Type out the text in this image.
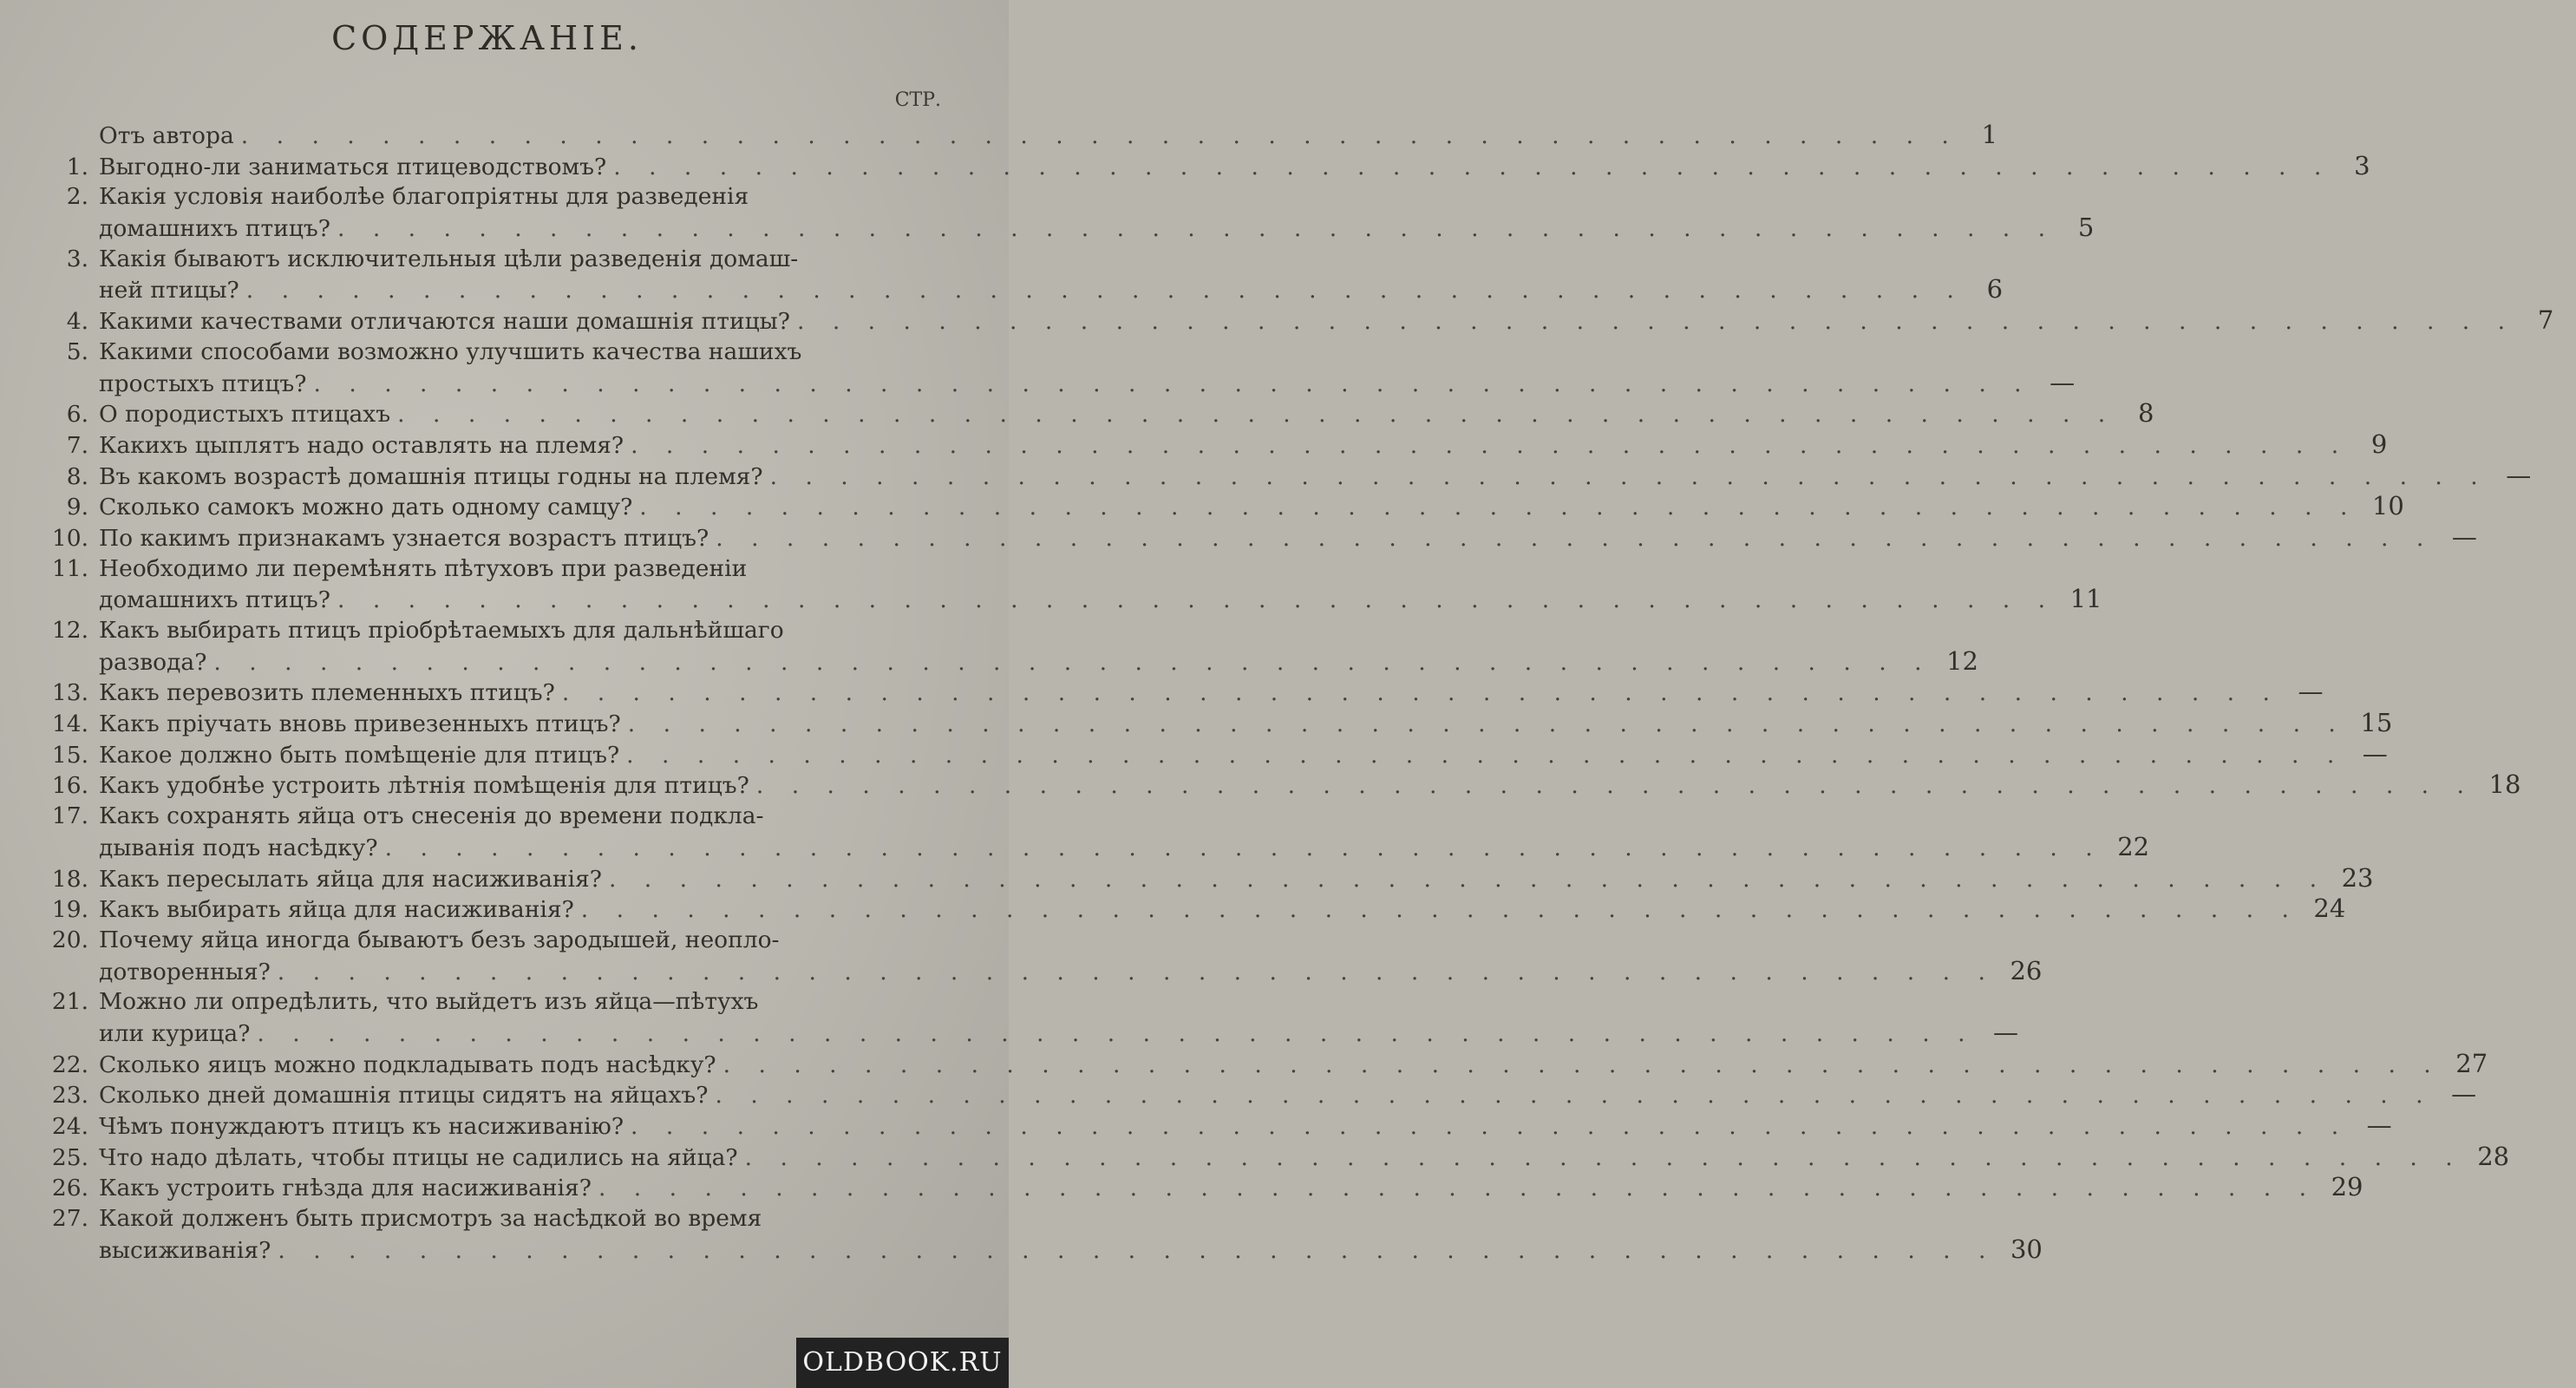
СОДЕРЖАНІЕ.
СТР.
Отъ автора . . . . . . . . . . . . . . . . . . . . . . . . . . . . . . . . . . . . . . . . . . . . . . . . . 1
1. Выгодно-ли заниматься птицеводствомъ? . . . . . . . . . . . . . . . . . . . . . . . . . . . . . . . . . . . . . . . . . . . . . . . . . 3
2. Какія условія наиболѣе благопріятны для разведенія
домашнихъ птицъ? . . . . . . . . . . . . . . . . . . . . . . . . . . . . . . . . . . . . . . . . . . . . . . . . . 5
3. Какія бываютъ исключительныя цѣли разведенія домаш-
ней птицы? . . . . . . . . . . . . . . . . . . . . . . . . . . . . . . . . . . . . . . . . . . . . . . . . . 6
4. Какими качествами отличаются наши домашнія птицы? . . . . . . . . . . . . . . . . . . . . . . . . . . . . . . . . . . . . . . . . . . . . . . . . . 7
5. Какими способами возможно улучшить качества нашихъ
простыхъ птицъ? . . . . . . . . . . . . . . . . . . . . . . . . . . . . . . . . . . . . . . . . . . . . . . . . . —
6. О породистыхъ птицахъ . . . . . . . . . . . . . . . . . . . . . . . . . . . . . . . . . . . . . . . . . . . . . . . . . 8
7. Какихъ цыплятъ надо оставлять на племя? . . . . . . . . . . . . . . . . . . . . . . . . . . . . . . . . . . . . . . . . . . . . . . . . . 9
8. Въ какомъ возрастѣ домашнія птицы годны на племя? . . . . . . . . . . . . . . . . . . . . . . . . . . . . . . . . . . . . . . . . . . . . . . . . . —
9. Сколько самокъ можно дать одному самцу? . . . . . . . . . . . . . . . . . . . . . . . . . . . . . . . . . . . . . . . . . . . . . . . . . 10
10. По какимъ признакамъ узнается возрастъ птицъ? . . . . . . . . . . . . . . . . . . . . . . . . . . . . . . . . . . . . . . . . . . . . . . . . . —
11. Необходимо ли перемѣнять пѣтуховъ при разведеніи
домашнихъ птицъ? . . . . . . . . . . . . . . . . . . . . . . . . . . . . . . . . . . . . . . . . . . . . . . . . . 11
12. Какъ выбирать птицъ пріобрѣтаемыхъ для дальнѣйшаго
развода? . . . . . . . . . . . . . . . . . . . . . . . . . . . . . . . . . . . . . . . . . . . . . . . . . 12
13. Какъ перевозить племенныхъ птицъ? . . . . . . . . . . . . . . . . . . . . . . . . . . . . . . . . . . . . . . . . . . . . . . . . . —
14. Какъ пріучать вновь привезенныхъ птицъ? . . . . . . . . . . . . . . . . . . . . . . . . . . . . . . . . . . . . . . . . . . . . . . . . . 15
15. Какое должно быть помѣщеніе для птицъ? . . . . . . . . . . . . . . . . . . . . . . . . . . . . . . . . . . . . . . . . . . . . . . . . . —
16. Какъ удобнѣе устроить лѣтнія помѣщенія для птицъ? . . . . . . . . . . . . . . . . . . . . . . . . . . . . . . . . . . . . . . . . . . . . . . . . . 18
17. Какъ сохранять яйца отъ снесенія до времени подкла-
дыванія подъ насѣдку? . . . . . . . . . . . . . . . . . . . . . . . . . . . . . . . . . . . . . . . . . . . . . . . . . 22
18. Какъ пересылать яйца для насиживанія? . . . . . . . . . . . . . . . . . . . . . . . . . . . . . . . . . . . . . . . . . . . . . . . . . 23
19. Какъ выбирать яйца для насиживанія? . . . . . . . . . . . . . . . . . . . . . . . . . . . . . . . . . . . . . . . . . . . . . . . . . 24
20. Почему яйца иногда бываютъ безъ зародышей, неопло-
дотворенныя? . . . . . . . . . . . . . . . . . . . . . . . . . . . . . . . . . . . . . . . . . . . . . . . . . 26
21. Можно ли опредѣлить, что выйдетъ изъ яйца—пѣтухъ
или курица? . . . . . . . . . . . . . . . . . . . . . . . . . . . . . . . . . . . . . . . . . . . . . . . . . —
22. Сколько яицъ можно подкладывать подъ насѣдку? . . . . . . . . . . . . . . . . . . . . . . . . . . . . . . . . . . . . . . . . . . . . . . . . . 27
23. Сколько дней домашнія птицы сидятъ на яйцахъ? . . . . . . . . . . . . . . . . . . . . . . . . . . . . . . . . . . . . . . . . . . . . . . . . . —
24. Чѣмъ понуждаютъ птицъ къ насиживанію? . . . . . . . . . . . . . . . . . . . . . . . . . . . . . . . . . . . . . . . . . . . . . . . . . —
25. Что надо дѣлать, чтобы птицы не садились на яйца? . . . . . . . . . . . . . . . . . . . . . . . . . . . . . . . . . . . . . . . . . . . . . . . . . 28
26. Какъ устроить гнѣзда для насиживанія? . . . . . . . . . . . . . . . . . . . . . . . . . . . . . . . . . . . . . . . . . . . . . . . . . 29
27. Какой долженъ быть присмотръ за насѣдкой во время
высиживанія? . . . . . . . . . . . . . . . . . . . . . . . . . . . . . . . . . . . . . . . . . . . . . . . . . 30
OLDBOOK.RU
